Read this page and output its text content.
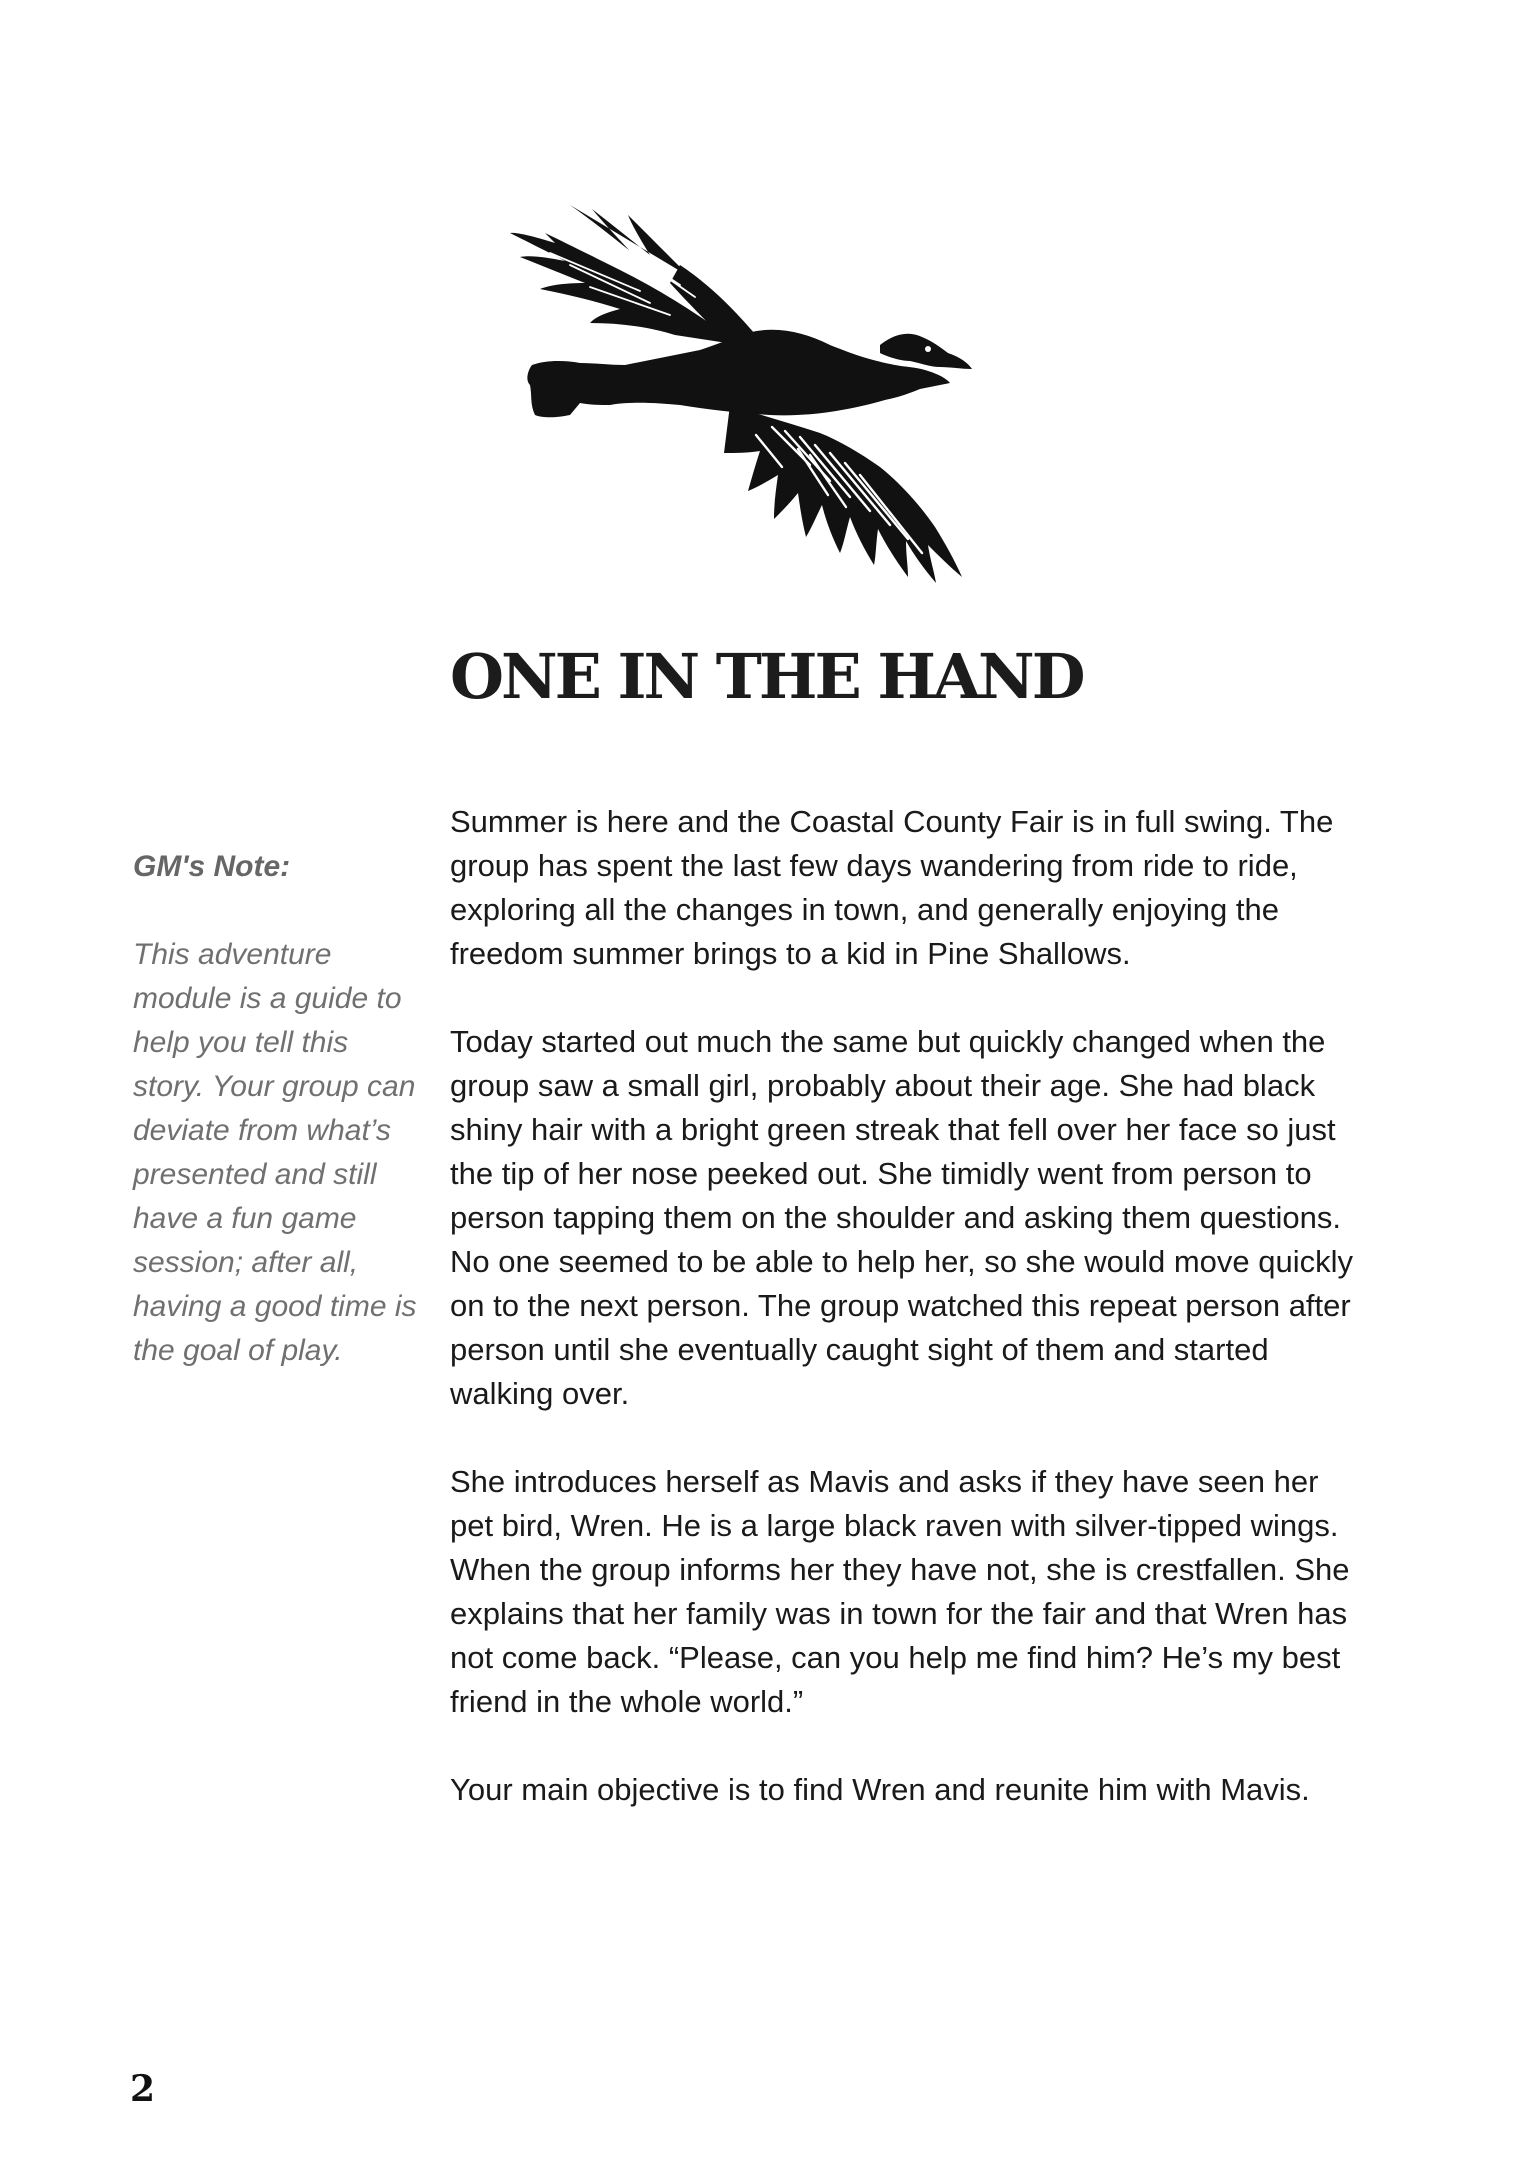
ONE IN THE HAND

GM's Note:

This adventure module is a guide to help you tell this story. Your group can deviate from what’s presented and still have a fun game session; after all, having a good time is the goal of play.

Summer is here and the Coastal County Fair is in full swing. The group has spent the last few days wandering from ride to ride, exploring all the changes in town, and generally enjoying the freedom summer brings to a kid in Pine Shallows.

Today started out much the same but quickly changed when the group saw a small girl, probably about their age. She had black shiny hair with a bright green streak that fell over her face so just the tip of her nose peeked out. She timidly went from person to person tapping them on the shoulder and asking them questions. No one seemed to be able to help her, so she would move quickly on to the next person. The group watched this repeat person after person until she eventually caught sight of them and started walking over.

She introduces herself as Mavis and asks if they have seen her pet bird, Wren. He is a large black raven with silver-tipped wings. When the group informs her they have not, she is crestfallen. She explains that her family was in town for the fair and that Wren has not come back. “Please, can you help me find him? He’s my best friend in the whole world.”

Your main objective is to find Wren and reunite him with Mavis.

2
